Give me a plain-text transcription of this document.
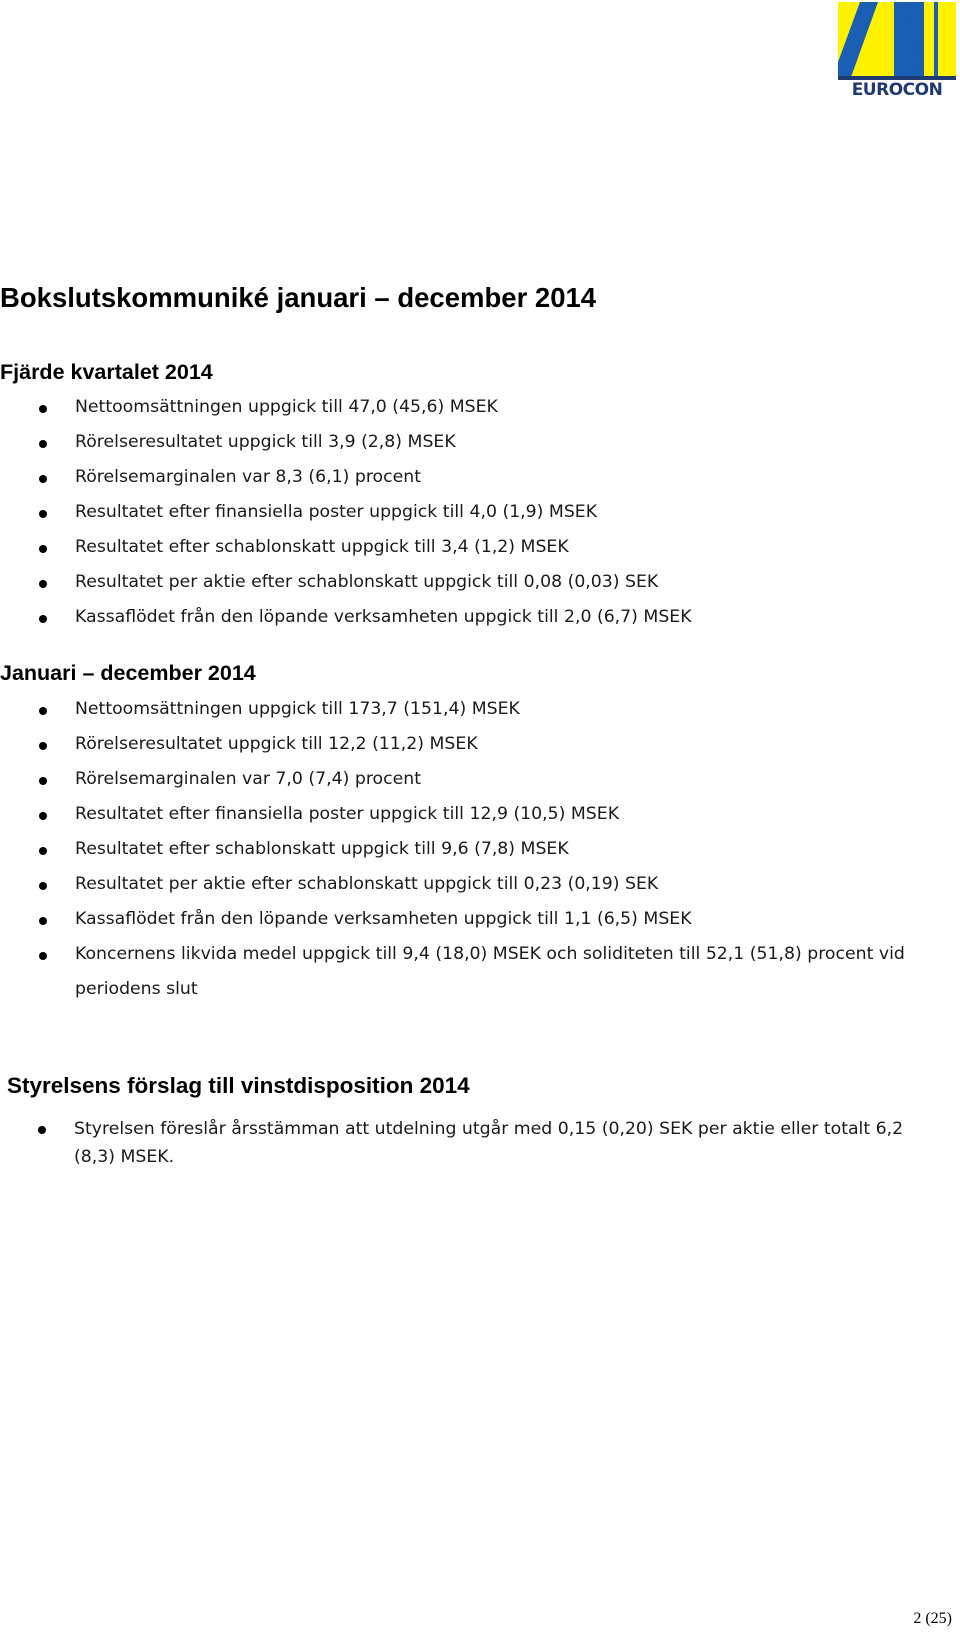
EUROCON
Bokslutskommuniké januari – december 2014
Fjärde kvartalet 2014
Nettoomsättningen uppgick till 47,0 (45,6) MSEK
Rörelseresultatet uppgick till 3,9 (2,8) MSEK
Rörelsemarginalen var 8,3 (6,1) procent
Resultatet efter finansiella poster uppgick till 4,0 (1,9) MSEK
Resultatet efter schablonskatt uppgick till 3,4 (1,2) MSEK
Resultatet per aktie efter schablonskatt uppgick till 0,08 (0,03) SEK
Kassaflödet från den löpande verksamheten uppgick till 2,0 (6,7) MSEK
Januari – december 2014
Nettoomsättningen uppgick till 173,7 (151,4) MSEK
Rörelseresultatet uppgick till 12,2 (11,2) MSEK
Rörelsemarginalen var 7,0 (7,4) procent
Resultatet efter finansiella poster uppgick till 12,9 (10,5) MSEK
Resultatet efter schablonskatt uppgick till 9,6 (7,8) MSEK
Resultatet per aktie efter schablonskatt uppgick till 0,23 (0,19) SEK
Kassaflödet från den löpande verksamheten uppgick till 1,1 (6,5) MSEK
Koncernens likvida medel uppgick till 9,4 (18,0) MSEK och soliditeten till 52,1 (51,8) procent vid periodens slut
Styrelsens förslag till vinstdisposition 2014
Styrelsen föreslår årsstämman att utdelning utgår med 0,15 (0,20) SEK per aktie eller totalt 6,2 (8,3) MSEK.
2 (25)
